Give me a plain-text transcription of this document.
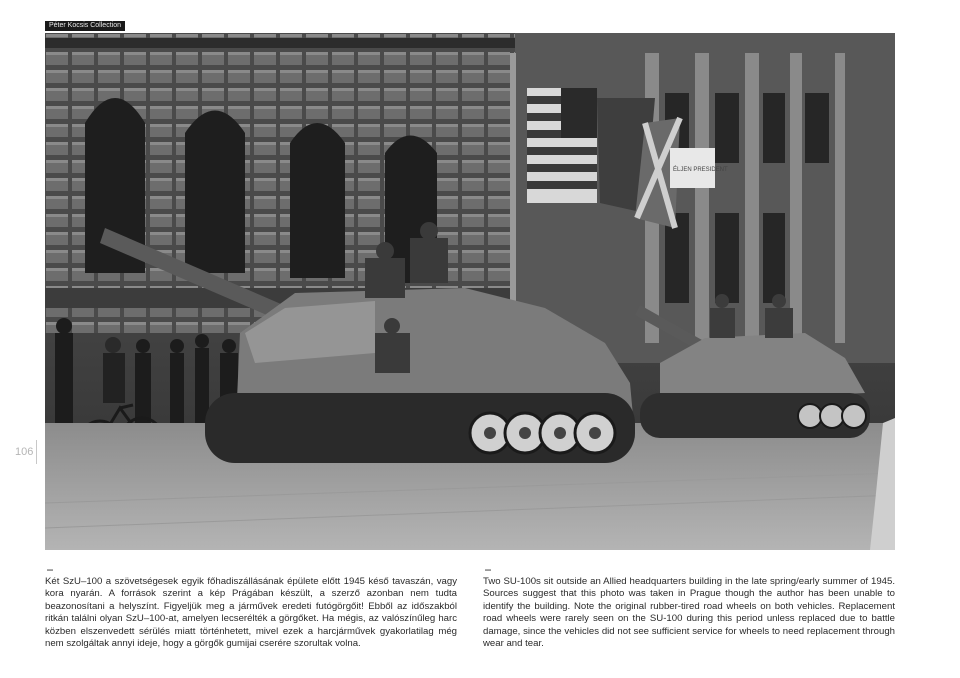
Péter Kocsis Collection
ÉLJEN PRESIDENT
106
▬	▬
Két SzU–100 a szövetségesek egyik főhadiszállásának épülete előtt 1945 késő tavaszán, vagy kora nyarán. A források szerint a kép Prágában készült, a szerző azonban nem tudta beazonosítani a helyszínt. Figyeljük meg a járművek eredeti futógörgőit! Ebből az időszakból ritkán találni olyan SzU–100-at, amelyen lecserélték a görgőket. Ha mégis, az valószínűleg harc közben elszenvedett sérülés miatt történhetett, mivel ezek a harcjárművek gyakorlatilag még nem szolgáltak annyi ideje, hogy a görgők gumijai cserére szorultak volna.
Two SU-100s sit outside an Allied headquarters building in the late spring/early summer of 1945. Sources suggest that this photo was taken in Prague though the author has been unable to identify the building. Note the original rubber-tired road wheels on both vehicles. Replacement road wheels were rarely seen on the SU-100 during this period unless replaced due to battle damage, since the vehicles did not see sufficient service for wheels to need replacement through wear and tear.
